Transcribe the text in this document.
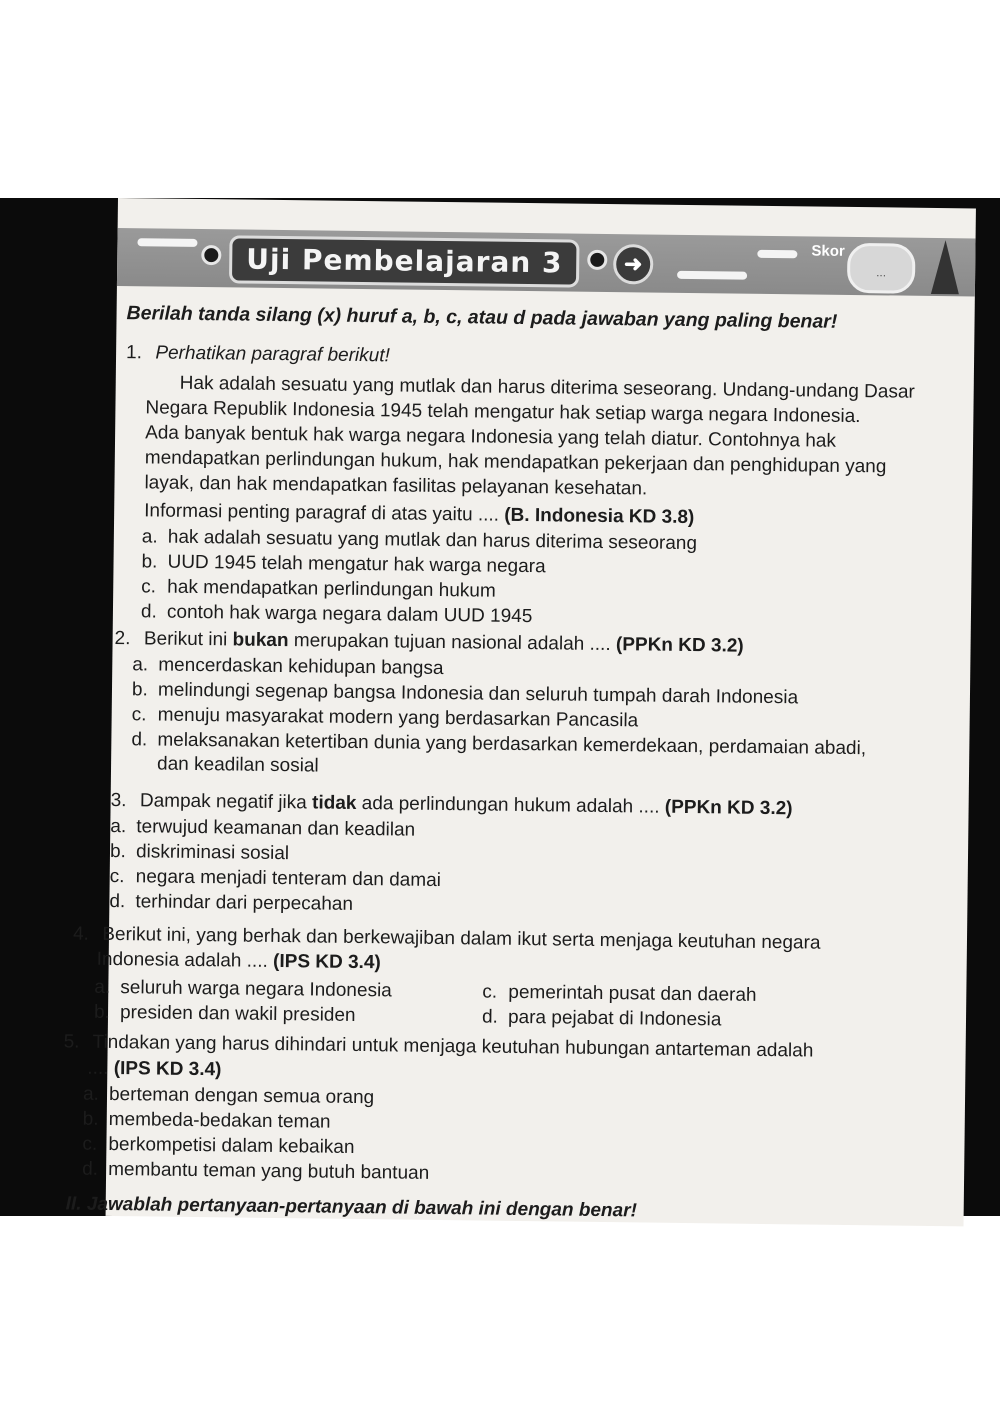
Uji Pembelajaran 3	➜
Skor
...
Berilah tanda silang (x) huruf a, b, c, atau d pada jawaban yang paling benar!
1. Perhatikan paragraf berikut!
Hak adalah sesuatu yang mutlak dan harus diterima seseorang. Undang-undang Dasar
Negara Republik Indonesia 1945 telah mengatur hak setiap warga negara Indonesia.
Ada banyak bentuk hak warga negara Indonesia yang telah diatur. Contohnya hak
mendapatkan perlindungan hukum, hak mendapatkan pekerjaan dan penghidupan yang
layak, dan hak mendapatkan fasilitas pelayanan kesehatan.
Informasi penting paragraf di atas yaitu .... (B. Indonesia KD 3.8)
a. hak adalah sesuatu yang mutlak dan harus diterima seseorang
b. UUD 1945 telah mengatur hak warga negara
c. hak mendapatkan perlindungan hukum
d. contoh hak warga negara dalam UUD 1945
2. Berikut ini bukan merupakan tujuan nasional adalah .... (PPKn KD 3.2)
a. mencerdaskan kehidupan bangsa
b. melindungi segenap bangsa Indonesia dan seluruh tumpah darah Indonesia
c. menuju masyarakat modern yang berdasarkan Pancasila
d. melaksanakan ketertiban dunia yang berdasarkan kemerdekaan, perdamaian abadi,
dan keadilan sosial
3. Dampak negatif jika tidak ada perlindungan hukum adalah .... (PPKn KD 3.2)
a. terwujud keamanan dan keadilan
b. diskriminasi sosial
c. negara menjadi tenteram dan damai
d. terhindar dari perpecahan
4. Berikut ini, yang berhak dan berkewajiban dalam ikut serta menjaga keutuhan negara
Indonesia adalah .... (IPS KD 3.4)
a. seluruh warga negara Indonesia
b. presiden dan wakil presiden
c. pemerintah pusat dan daerah
d. para pejabat di Indonesia
5. Tindakan yang harus dihindari untuk menjaga keutuhan hubungan antarteman adalah
.... (IPS KD 3.4)
a. berteman dengan semua orang
b. membeda-bedakan teman
c. berkompetisi dalam kebaikan
d. membantu teman yang butuh bantuan
II. Jawablah pertanyaan-pertanyaan di bawah ini dengan benar!
